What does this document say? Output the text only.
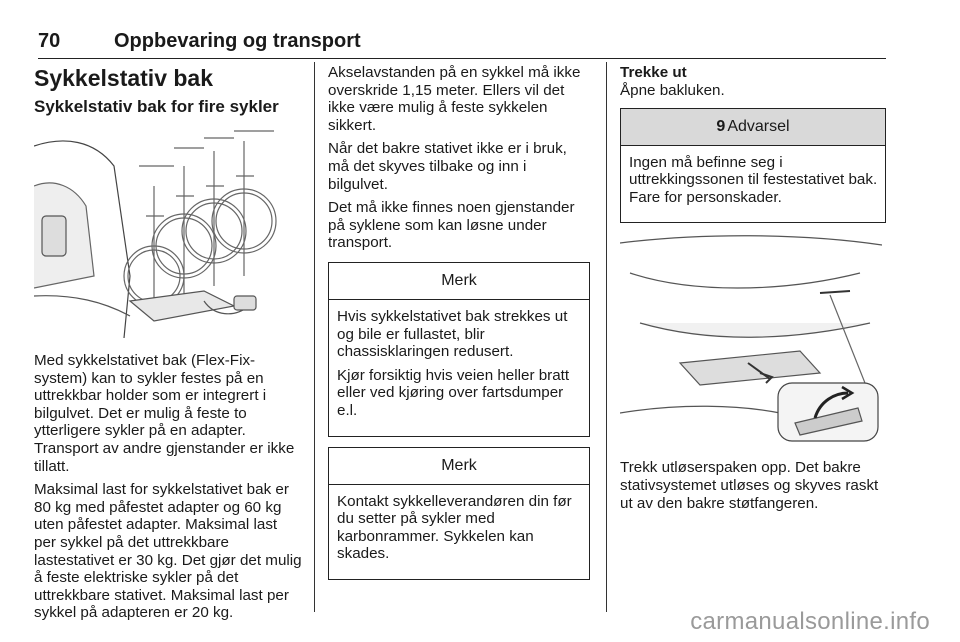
70	Oppbevaring og transport
Sykkelstativ bak
Sykkelstativ bak for fire sykler

Med sykkelstativet bak (Flex-Fix-system) kan to sykler festes på en uttrekkbar holder som er integrert i bilgulvet. Det er mulig å feste to ytterligere sykler på en adapter. Transport av andre gjenstander er ikke tillatt.

Maksimal last for sykkelstativet bak er 80 kg med påfestet adapter og 60 kg uten påfestet adapter. Maksimal last per sykkel på det uttrekkbare lastestativet er 30 kg. Det gjør det mulig å feste elektriske sykler på det uttrekkbare stativet. Maksimal last per sykkel på adapteren er 20 kg.

Akselavstanden på en sykkel må ikke overskride 1,15 meter. Ellers vil det ikke være mulig å feste sykkelen sikkert.

Når det bakre stativet ikke er i bruk, må det skyves tilbake og inn i bilgulvet.

Det må ikke finnes noen gjenstander på syklene som kan løsne under transport.

Merk

Hvis sykkelstativet bak strekkes ut og bile er fullastet, blir chassisklaringen redusert.

Kjør forsiktig hvis veien heller bratt eller ved kjøring over fartsdumper e.l.

Merk

Kontakt sykkelleverandøren din før du setter på sykler med karbonrammer. Sykkelen kan skades.

Trekke ut

Åpne bakluken.

9 Advarsel

Ingen må befinne seg i uttrekkingssonen til festestativet bak. Fare for personskader.

Trekk utløserspaken opp. Det bakre stativsystemet utløses og skyves raskt ut av den bakre støtfangeren.

carmanualsonline.info
